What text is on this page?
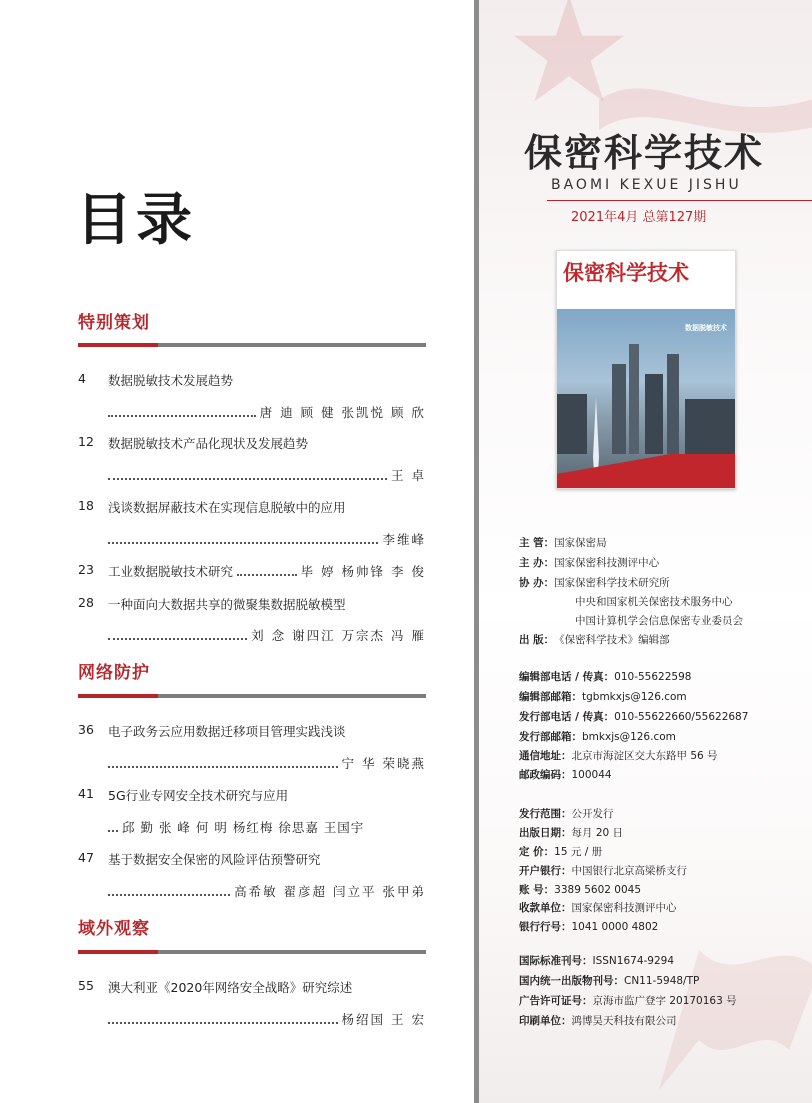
目录
特别策划
4 数据脱敏技术发展趋势
唐 迪 顾 健 张凯悦 顾 欣
12 数据脱敏技术产品化现状及发展趋势
王 卓
18 浅谈数据屏蔽技术在实现信息脱敏中的应用
李维峰
23 工业数据脱敏技术研究	毕 婷 杨帅锋 李 俊
28 一种面向大数据共享的微聚集数据脱敏模型
刘 念 谢四江 万宗杰 冯 雁
网络防护
36 电子政务云应用数据迁移项目管理实践浅谈
宁 华 荣晓燕
41 5G行业专网安全技术研究与应用
邱 勤 张 峰 何 明 杨红梅 徐思嘉 王国宇
47 基于数据安全保密的风险评估预警研究
高希敏 翟彦超 闫立平 张甲弟
域外观察
55 澳大利亚《2020年网络安全战略》研究综述
杨绍国 王 宏
保密科学技术
BAOMI KEXUE JISHU
2021年4月 总第127期
保密科学技术
数据脱敏技术
主 管：国家保密局
主 办：国家保密科技测评中心
协 办：国家保密科学技术研究所
中央和国家机关保密技术服务中心
中国计算机学会信息保密专业委员会
出 版：《保密科学技术》编辑部
编辑部电话 / 传真：010-55622598
编辑部邮箱：tgbmkxjs@126.com
发行部电话 / 传真：010-55622660/55622687
发行部邮箱：bmkxjs@126.com
通信地址：北京市海淀区交大东路甲 56 号
邮政编码：100044
发行范围：公开发行
出版日期：每月 20 日
定 价：15 元 / 册
开户银行：中国银行北京高梁桥支行
账 号：3389 5602 0045
收款单位：国家保密科技测评中心
银行行号：1041 0000 4802
国际标准刊号：ISSN1674-9294
国内统一出版物刊号：CN11-5948/TP
广告许可证号：京海市监广登字 20170163 号
印刷单位：鸿博昊天科技有限公司
